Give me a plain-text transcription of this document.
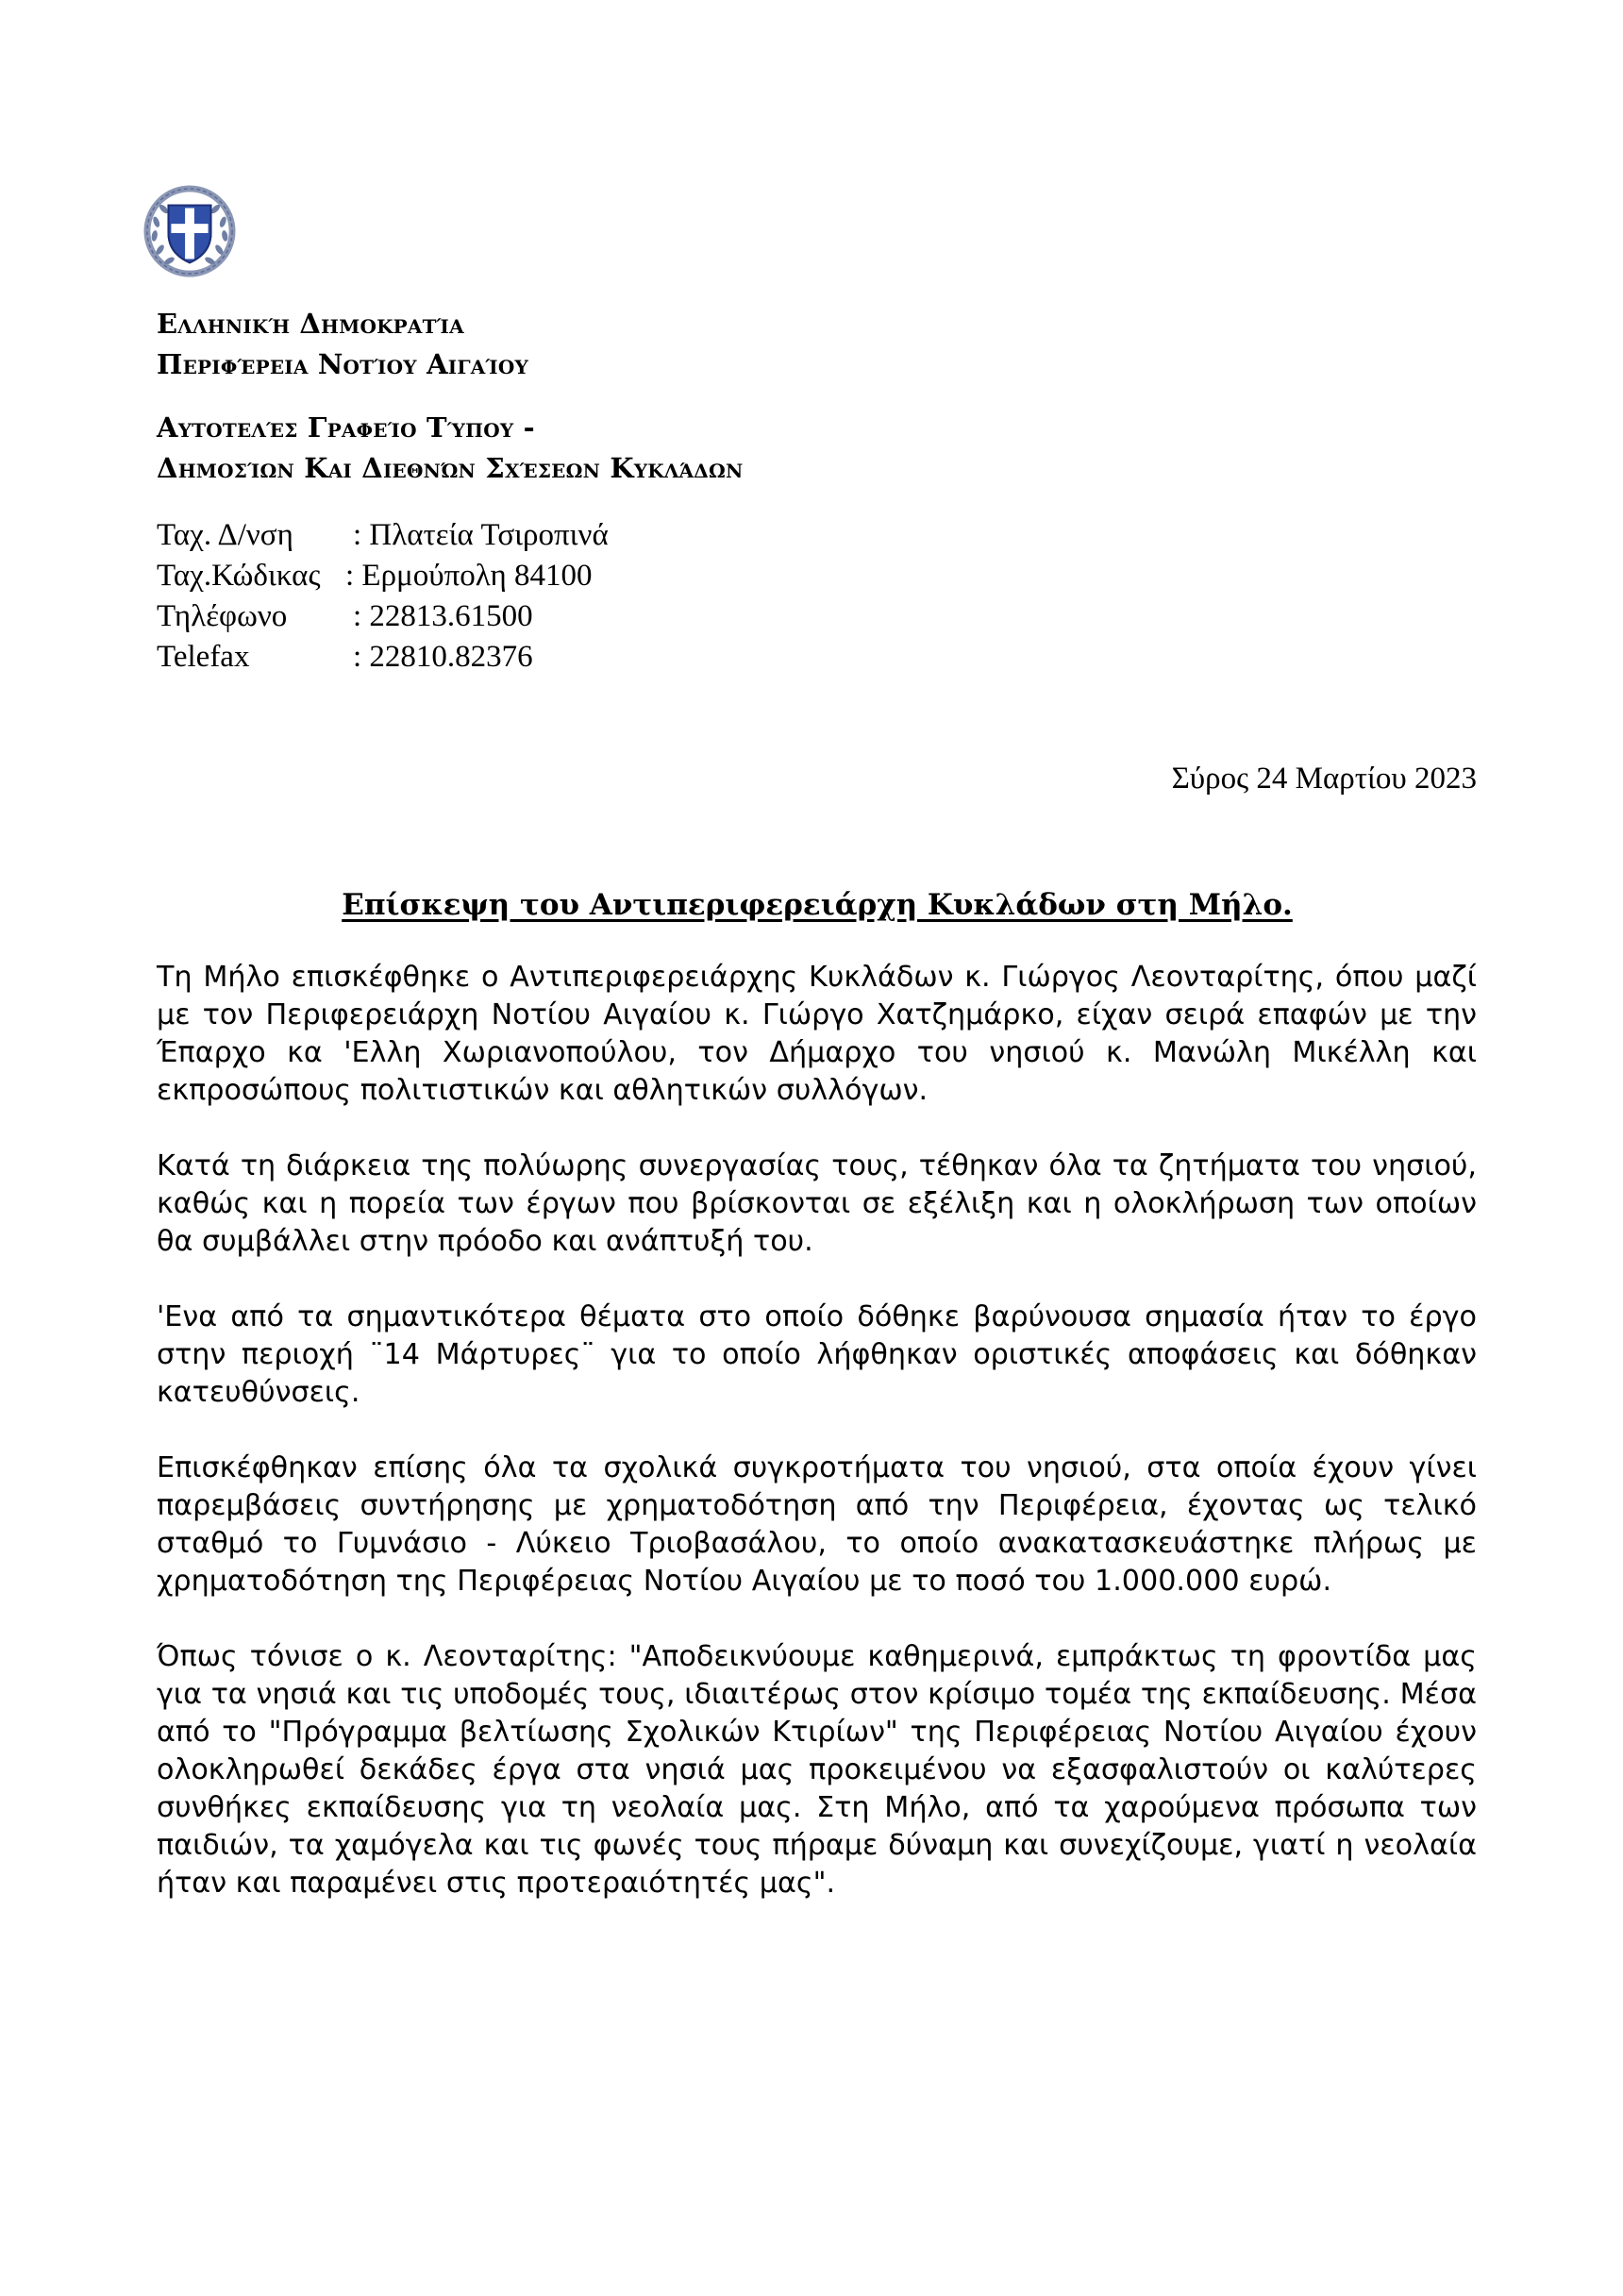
Ελληνική Δημοκρατία
Περιφέρεια Νοτίου Αιγαίου
Αυτοτελές Γραφείο Τύπου -
Δημοσίων Και Διεθνών Σχέσεων Κυκλάδων
Ταχ. Δ/νση	: Πλατεία Τσιροπινά
Ταχ.Κώδικας : Ερμούπολη 84100
Τηλέφωνο	: 22813.61500
Telefax	: 22810.82376
Σύρος 24 Μαρτίου 2023
Επίσκεψη του Αντιπεριφερειάρχη Κυκλάδων στη Μήλο.

Τη Μήλο επισκέφθηκε ο Αντιπεριφερειάρχης Κυκλάδων κ. Γιώργος Λεονταρίτης, όπου μαζί με τον Περιφερειάρχη Νοτίου Αιγαίου κ. Γιώργο Χατζημάρκο, είχαν σειρά επαφών με την Έπαρχο κα 'Ελλη Χωριανοπούλου, τον Δήμαρχο του νησιού κ. Μανώλη Μικέλλη και εκπροσώπους πολιτιστικών και αθλητικών συλλόγων.

Κατά τη διάρκεια της πολύωρης συνεργασίας τους, τέθηκαν όλα τα ζητήματα του νησιού, καθώς και η πορεία των έργων που βρίσκονται σε εξέλιξη και η ολοκλήρωση των οποίων θα συμβάλλει στην πρόοδο και ανάπτυξή του.

'Ενα από τα σημαντικότερα θέματα στο οποίο δόθηκε βαρύνουσα σημασία ήταν το έργο στην περιοχή ¨14 Μάρτυρες¨ για το οποίο λήφθηκαν οριστικές αποφάσεις και δόθηκαν κατευθύνσεις.

Επισκέφθηκαν επίσης όλα τα σχολικά συγκροτήματα του νησιού, στα οποία έχουν γίνει παρεμβάσεις συντήρησης με χρηματοδότηση από την Περιφέρεια, έχοντας ως τελικό σταθμό το Γυμνάσιο - Λύκειο Τριοβασάλου, το οποίο ανακατασκευάστηκε πλήρως με χρηματοδότηση της Περιφέρειας Νοτίου Αιγαίου με το ποσό του 1.000.000 ευρώ.

Όπως τόνισε ο κ. Λεονταρίτης: "Αποδεικνύουμε καθημερινά, εμπράκτως τη φροντίδα μας για τα νησιά και τις υποδομές τους, ιδιαιτέρως στον κρίσιμο τομέα της εκπαίδευσης. Μέσα από το "Πρόγραμμα βελτίωσης Σχολικών Κτιρίων" της Περιφέρειας Νοτίου Αιγαίου έχουν ολοκληρωθεί δεκάδες έργα στα νησιά μας προκειμένου να εξασφαλιστούν οι καλύτερες συνθήκες εκπαίδευσης για τη νεολαία μας. Στη Μήλο, από τα χαρούμενα πρόσωπα των παιδιών, τα χαμόγελα και τις φωνές τους πήραμε δύναμη και συνεχίζουμε, γιατί η νεολαία ήταν και παραμένει στις προτεραιότητές μας".
